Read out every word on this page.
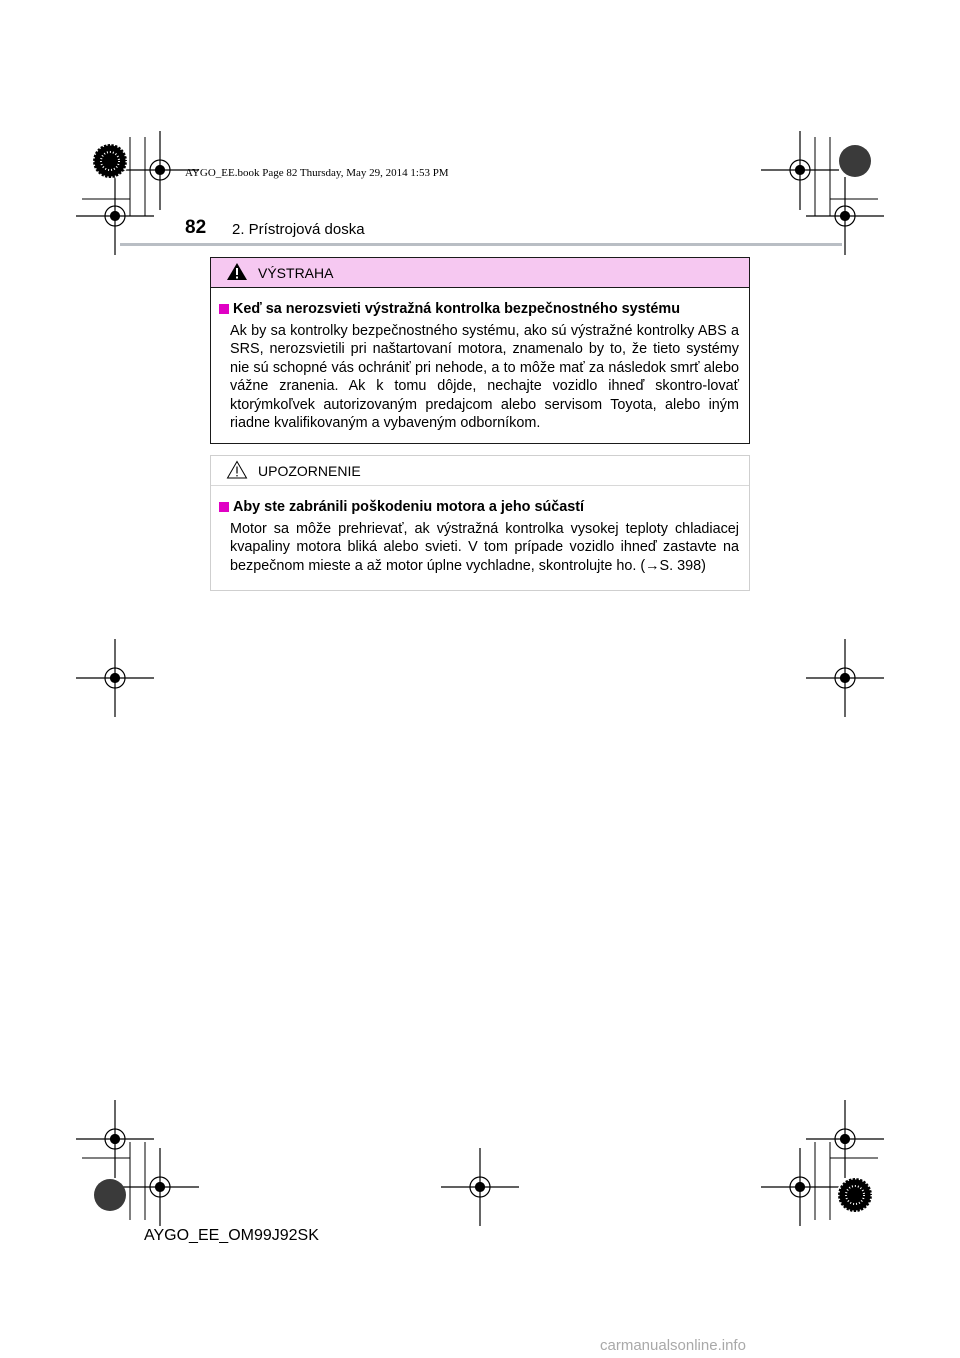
AYGO_EE.book Page 82 Thursday, May 29, 2014 1:53 PM
82 2. Prístrojová doska
VÝSTRAHA
Keď sa nerozsvieti výstražná kontrolka bezpečnostného systému
Ak by sa kontrolky bezpečnostného systému, ako sú výstražné kontrolky ABS a SRS, nerozsvietili pri naštartovaní motora, znamenalo by to, že tieto systémy nie sú schopné vás ochrániť pri nehode, a to môže mať za následok smrť alebo vážne zranenia. Ak k tomu dôjde, nechajte vozidlo ihneď skontro-lovať ktorýmkoľvek autorizovaným predajcom alebo servisom Toyota, alebo iným riadne kvalifikovaným a vybaveným odborníkom.
UPOZORNENIE
Aby ste zabránili poškodeniu motora a jeho súčastí
Motor sa môže prehrievať, ak výstražná kontrolka vysokej teploty chladiacej kvapaliny motora bliká alebo svieti. V tom prípade vozidlo ihneď zastavte na bezpečnom mieste a až motor úplne vychladne, skontrolujte ho. (→S. 398)
AYGO_EE_OM99J92SK
carmanualsonline.info
